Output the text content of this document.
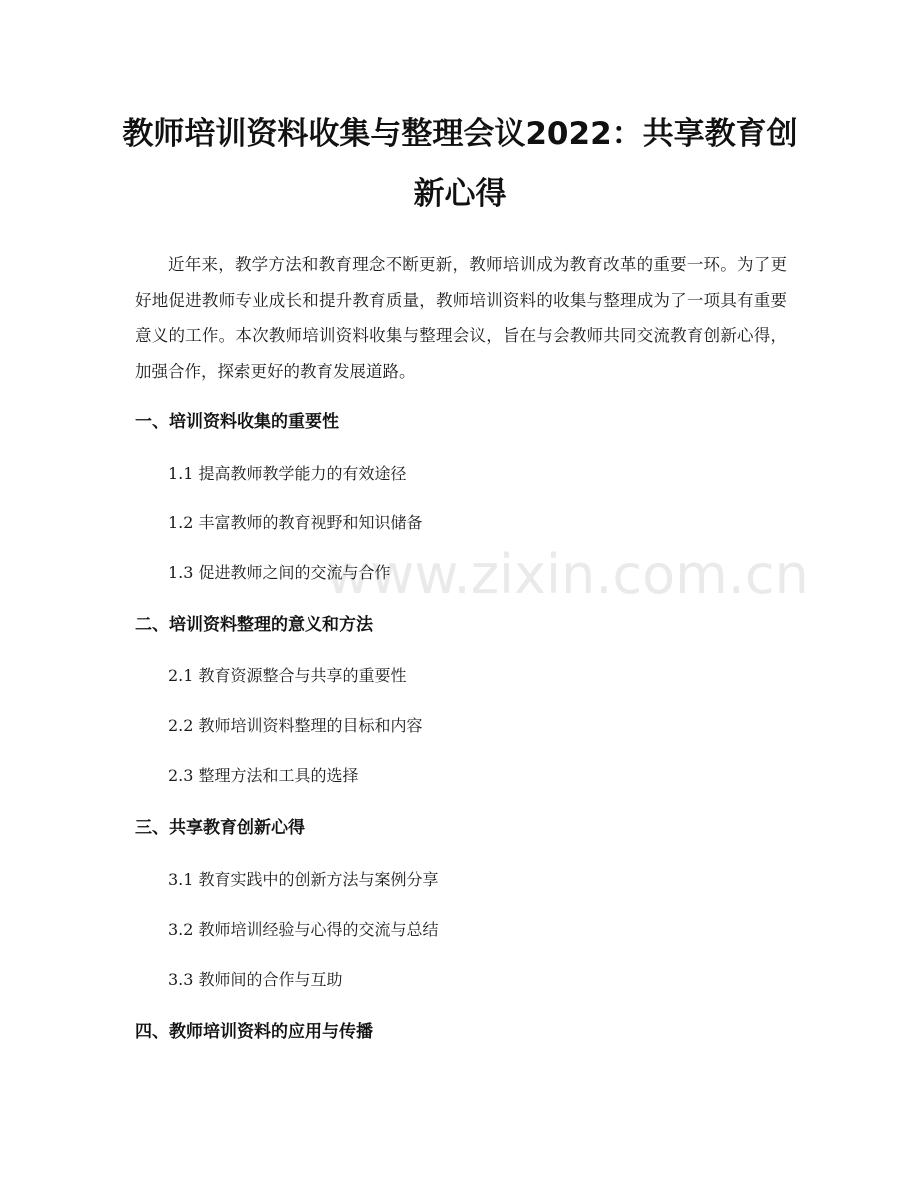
教师培训资料收集与整理会议2022：共享教育创新心得

近年来，教学方法和教育理念不断更新，教师培训成为教育改革的重要一环。为了更好地促进教师专业成长和提升教育质量，教师培训资料的收集与整理成为了一项具有重要意义的工作。本次教师培训资料收集与整理会议，旨在与会教师共同交流教育创新心得，加强合作，探索更好的教育发展道路。

一、培训资料收集的重要性
1.1 提高教师教学能力的有效途径
1.2 丰富教师的教育视野和知识储备
1.3 促进教师之间的交流与合作
二、培训资料整理的意义和方法
2.1 教育资源整合与共享的重要性
2.2 教师培训资料整理的目标和内容
2.3 整理方法和工具的选择
三、共享教育创新心得
3.1 教育实践中的创新方法与案例分享
3.2 教师培训经验与心得的交流与总结
3.3 教师间的合作与互助
四、教师培训资料的应用与传播
www.zixin.com.cn
